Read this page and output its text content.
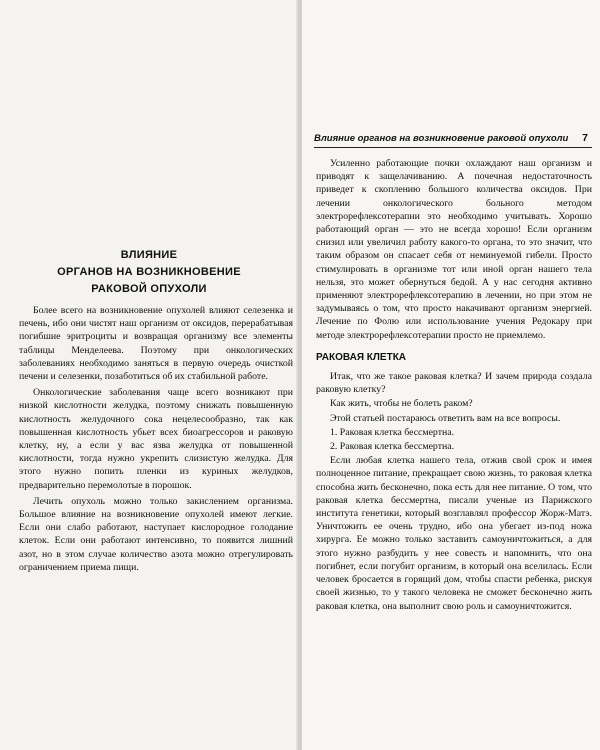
ВЛИЯНИЕ
ОРГАНОВ НА ВОЗНИКНОВЕНИЕ
РАКОВОЙ ОПУХОЛИ

Более всего на возникновение опухолей влияют селезенка и печень, ибо они чистят наш организм от оксидов, перерабатывая погибшие эритроциты и возвращая организму все элементы таблицы Менделеева. Поэтому при онкологических заболеваниях необходимо заняться в первую очередь очисткой печени и селезенки, позаботиться об их стабильной работе.

Онкологические заболевания чаще всего возникают при низкой кислотности желудка, поэтому снижать повышенную кислотность желудочного сока нецелесообразно, так как повышенная кислотность убьет всех биоагрессоров и раковую клетку, ну, а если у вас язва желудка от повышенной кислотности, тогда нужно укрепить слизистую желудка. Для этого нужно попить пленки из куриных желудков, предварительно перемолотые в порошок.

Лечить опухоль можно только закислением организма. Большое влияние на возникновение опухолей имеют легкие. Если они слабо работают, наступает кислородное голодание клеток. Если они работают интенсивно, то появится лишний азот, но в этом случае количество азота можно отрегулировать ограничением приема пищи.

Влияние органов на возникновение раковой опухоли 7

Усиленно работающие почки охлаждают наш организм и приводят к защелачиванию. А почечная недостаточность приведет к скоплению большого количества оксидов. При лечении онкологического больного методом электрорефлексотерапии это необходимо учитывать. Хорошо работающий орган — это не всегда хорошо! Если организм снизил или увеличил работу какого-то органа, то это значит, что таким образом он спасает себя от неминуемой гибели. Просто стимулировать в организме тот или иной орган нашего тела нельзя, это может обернуться бедой. А у нас сегодня активно применяют электрорефлексотерапию в лечении, но при этом не задумываясь о том, что просто накачивают организм энергией. Лечение по Фолю или использование учения Редокару при методе электрорефлексотерапии просто не приемлемо.

РАКОВАЯ КЛЕТКА

Итак, что же такое раковая клетка? И зачем природа создала раковую клетку?

Как жить, чтобы не болеть раком?

Этой статьей постараюсь ответить вам на все вопросы.

1. Раковая клетка бессмертна.

2. Раковая клетка бессмертна.

Если любая клетка нашего тела, отжив свой срок и имея полноценное питание, прекращает свою жизнь, то раковая клетка способна жить бесконечно, пока есть для нее питание. О том, что раковая клетка бессмертна, писали ученые из Парижского института генетики, который возглавлял профессор Жорж-Матэ. Уничтожить ее очень трудно, ибо она убегает из-под ножа хирурга. Ее можно только заставить самоуничтожиться, а для этого нужно разбудить у нее совесть и напомнить, что она погибнет, если погубит организм, в который она вселилась. Если человек бросается в горящий дом, чтобы спасти ребенка, рискуя своей жизнью, то у такого человека не сможет бесконечно жить раковая клетка, она выполнит свою роль и самоуничтожится.
